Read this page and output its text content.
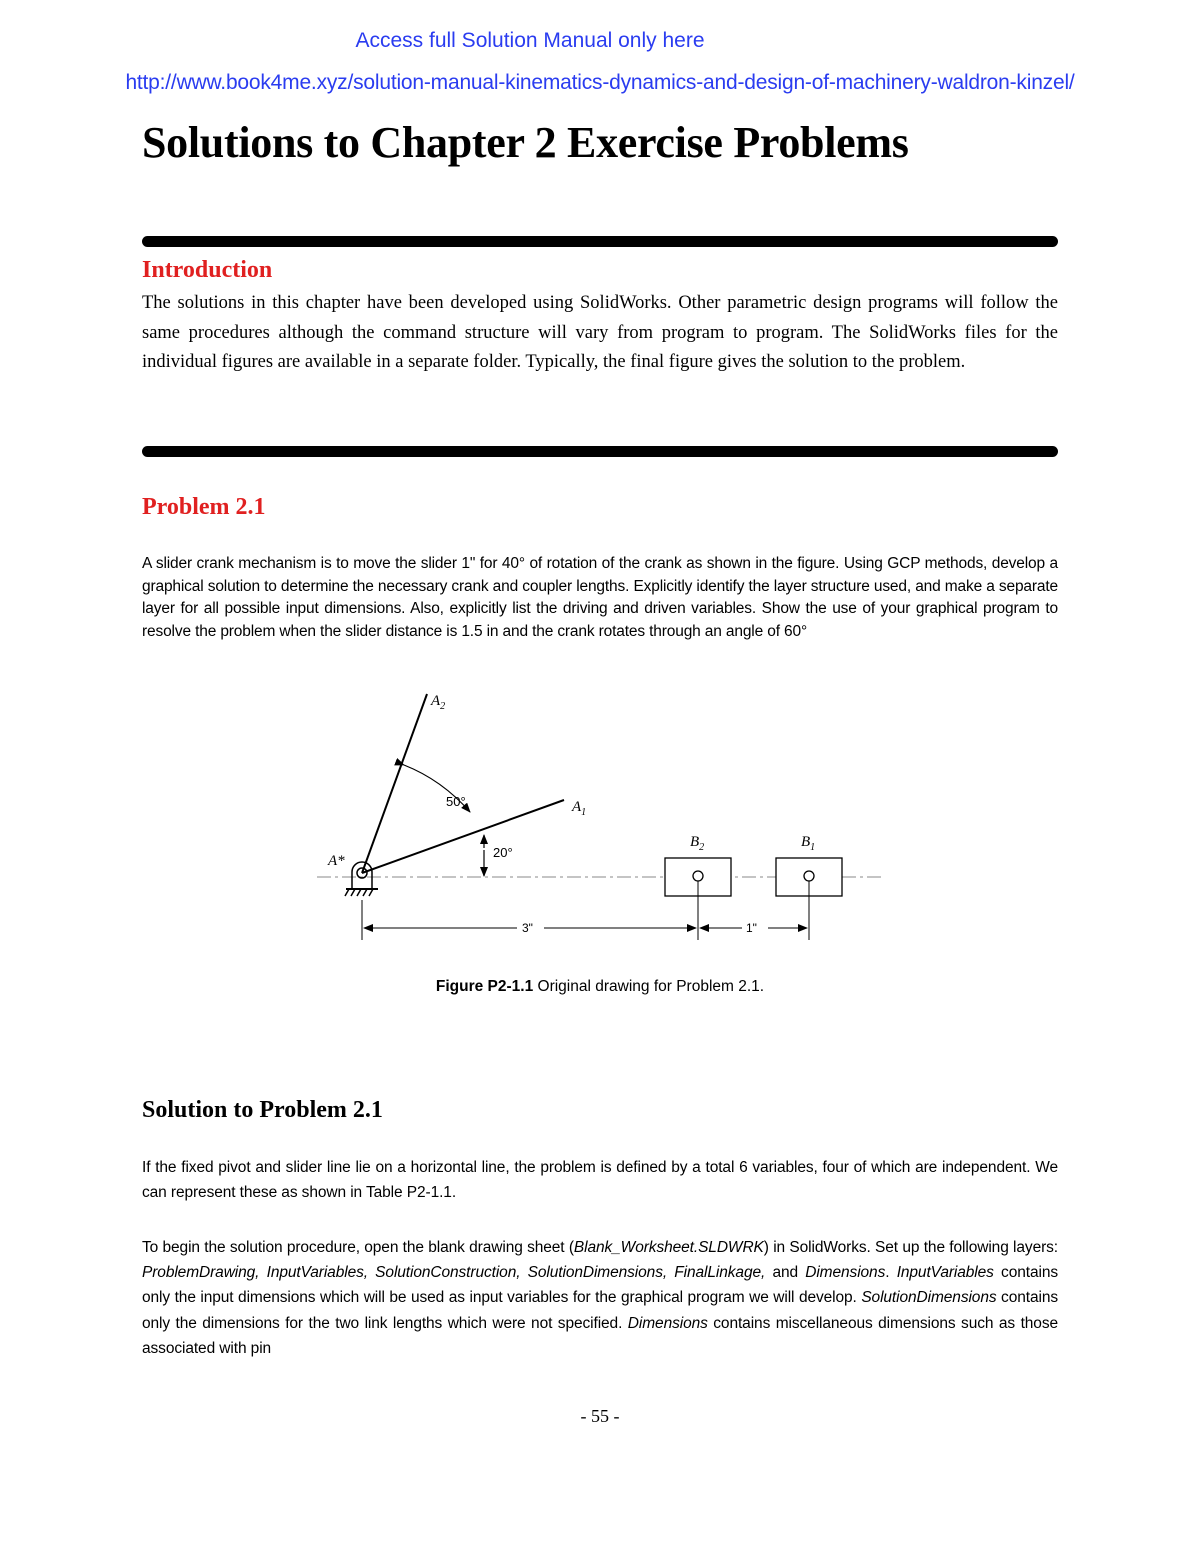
Access full Solution Manual only here
http://www.book4me.xyz/solution-manual-kinematics-dynamics-and-design-of-machinery-waldron-kinzel/
Solutions to Chapter 2 Exercise Problems
Introduction

The solutions in this chapter have been developed using SolidWorks. Other parametric design programs will follow the same procedures although the command structure will vary from program to program. The SolidWorks files for the individual figures are available in a separate folder. Typically, the final figure gives the solution to the problem.

Problem 2.1

A slider crank mechanism is to move the slider 1" for 40° of rotation of the crank as shown in the figure. Using GCP methods, develop a graphical solution to determine the necessary crank and coupler lengths. Explicitly identify the layer structure used, and make a separate layer for all possible input dimensions. Also, explicitly list the driving and driven variables. Show the use of your graphical program to resolve the problem when the slider distance is 1.5 in and the crank rotates through an angle of 60°

$A_2$
$A_1$
A*
$B_2$	$B_1$
50°
20°
3"	1"
Figure P2-1.1 Original drawing for Problem 2.1.
Solution to Problem 2.1

If the fixed pivot and slider line lie on a horizontal line, the problem is defined by a total 6 variables, four of which are independent. We can represent these as shown in Table P2-1.1.

To begin the solution procedure, open the blank drawing sheet (Blank_Worksheet.SLDWRK) in SolidWorks. Set up the following layers: ProblemDrawing, InputVariables, SolutionConstruction, SolutionDimensions, FinalLinkage, and Dimensions. InputVariables contains only the input dimensions which will be used as input variables for the graphical program we will develop. SolutionDimensions contains only the dimensions for the two link lengths which were not specified. Dimensions contains miscellaneous dimensions such as those associated with pin

- 55 -
